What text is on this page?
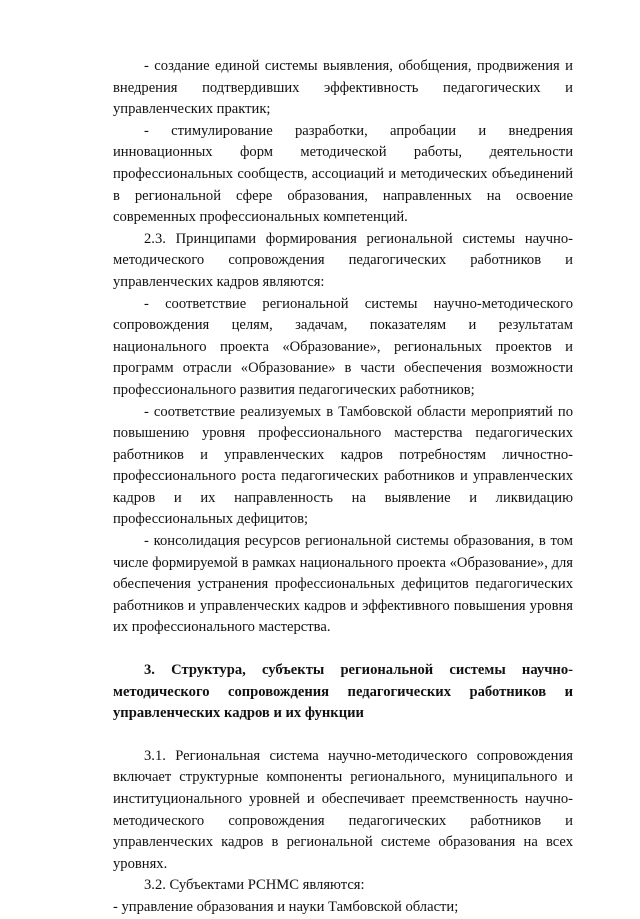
- создание единой системы выявления, обобщения, продвижения и внедрения подтвердивших эффективность педагогических и управленческих практик;

- стимулирование разработки, апробации и внедрения инновационных форм методической работы, деятельности профессиональных сообществ, ассоциаций и методических объединений в региональной сфере образования, направленных на освоение современных профессиональных компетенций.

2.3. Принципами формирования региональной системы научно-методического сопровождения педагогических работников и управленческих кадров являются:

- соответствие региональной системы научно-методического сопровождения целям, задачам, показателям и результатам национального проекта «Образование», региональных проектов и программ отрасли «Образование» в части обеспечения возможности профессионального развития педагогических работников;

- соответствие реализуемых в Тамбовской области мероприятий по повышению уровня профессионального мастерства педагогических работников и управленческих кадров потребностям личностно-профессионального роста педагогических работников и управленческих кадров и их направленность на выявление и ликвидацию профессиональных дефицитов;

- консолидация ресурсов региональной системы образования, в том числе формируемой в рамках национального проекта «Образование», для обеспечения устранения профессиональных дефицитов педагогических работников и управленческих кадров и эффективного повышения уровня их профессионального мастерства.

3. Структура, субъекты региональной системы научно-методического сопровождения педагогических работников и управленческих кадров и их функции

3.1. Региональная система научно-методического сопровождения включает структурные компоненты регионального, муниципального и институционального уровней и обеспечивает преемственность научно-методического сопровождения педагогических работников и управленческих кадров в региональной системе образования на всех уровнях.

3.2. Субъектами РСНМС являются:

- управление образования и науки Тамбовской области;
